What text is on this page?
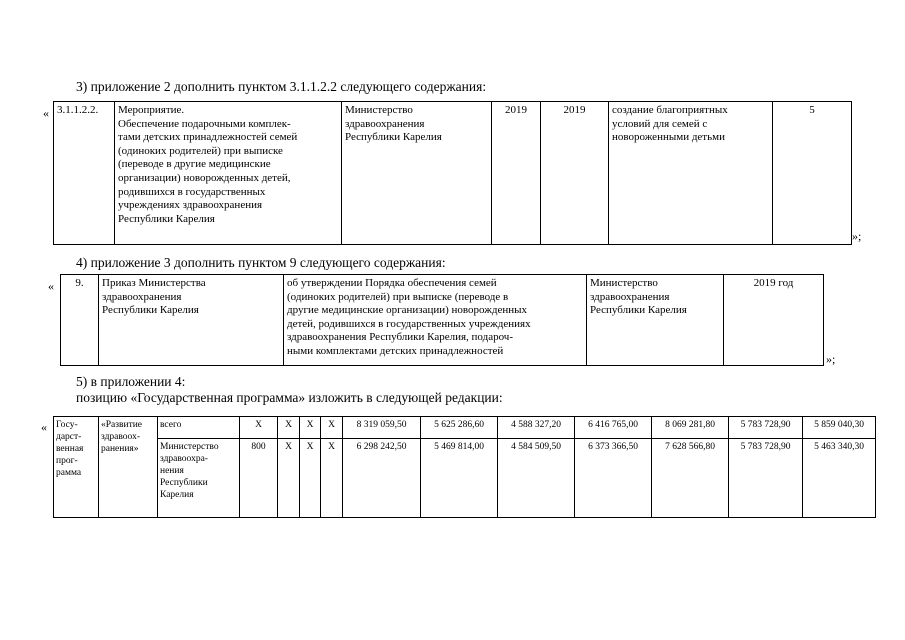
3) приложение 2 дополнить пунктом 3.1.1.2.2 следующего содержания:
« 3.1.1.2.2.	Мероприятие.
Обеспечение подарочными комплек-
тами детских принадлежностей семей
(одиноких родителей) при выписке
(переводе в другие медицинские
организации) новорожденных детей,
родившихся в государственных
учреждениях здравоохранения
Республики Карелия	Министерство
здравоохранения
Республики Карелия	2019	2019	создание благоприятных
условий для семей с
новороженными детьми	5
»;
4) приложение 3 дополнить пунктом 9 следующего содержания:
« 9.	Приказ Министерства
здравоохранения
Республики Карелия	об утверждении Порядка обеспечения семей
(одиноких родителей) при выписке (переводе в
другие медицинские организации) новорожденных
детей, родившихся в государственных учреждениях
здравоохранения Республики Карелия, подароч-
ными комплектами детских принадлежностей	Министерство
здравоохранения
Республики Карелия	2019 год
»;
5) в приложении 4:
позицию «Государственная программа» изложить в следующей редакции:
« Госу-
дарст-
венная
прог-
рамма	«Развитие
здравоох-
ранения»	всего	Х	Х	Х	Х	8 319 059,50	5 625 286,60	4 588 327,20	6 416 765,00	8 069 281,80	5 783 728,90	5 859 040,30
		Министерство
здравоохра-
нения
Республики
Карелия	800	Х	Х	Х	6 298 242,50	5 469 814,00	4 584 509,50	6 373 366,50	7 628 566,80	5 783 728,90	5 463 340,30
